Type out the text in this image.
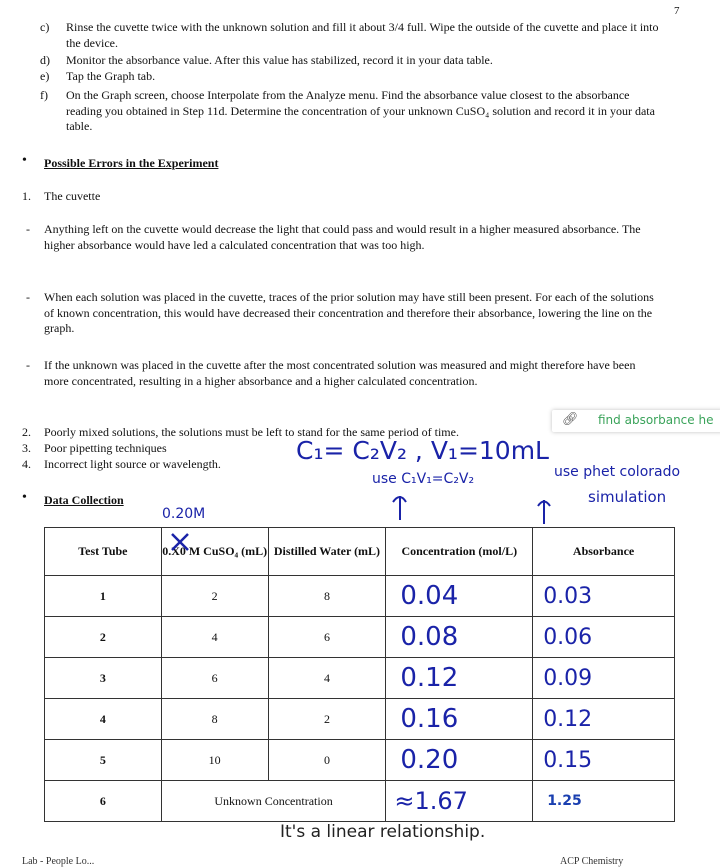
7
c) Rinse the cuvette twice with the unknown solution and fill it about 3/4 full. Wipe the outside of the cuvette and place it into the device.
d) Monitor the absorbance value. After this value has stabilized, record it in your data table.
e) Tap the Graph tab.
f) On the Graph screen, choose Interpolate from the Analyze menu. Find the absorbance value closest to the absorbance reading you obtained in Step 11d. Determine the concentration of your unknown CuSO₄ solution and record it in your data table.
• Possible Errors in the Experiment
1. The cuvette
- Anything left on the cuvette would decrease the light that could pass and would result in a higher measured absorbance. The higher absorbance would have led a calculated concentration that was too high.
- When each solution was placed in the cuvette, traces of the prior solution may have still been present. For each of the solutions of known concentration, this would have decreased their concentration and therefore their absorbance, lowering the line on the graph.
- If the unknown was placed in the cuvette after the most concentrated solution was measured and might therefore have been more concentrated, resulting in a higher absorbance and a higher calculated concentration.
2. Poorly mixed solutions, the solutions must be left to stand for the same period of time.
3. Poor pipetting techniques
4. Incorrect light source or wavelength.
🔗︎ find absorbance he
C₁= C₂V₂ , V₁=10mL
use C₁V₁=C₂V₂	use phet colorado
simulation
• Data Collection
0.20M
Test Tube	0.X0 M CuSO₄ (mL)	Distilled Water (mL)	Concentration (mol/L)	Absorbance
1	2	8	0.04	0.03
2	4	6	0.08	0.06
3	6	4	0.12	0.09
4	8	2	0.16	0.12
5	10	0	0.20	0.15
6	Unknown Concentration		≈1.67	1.25
It's a linear relationship.
Lab - People Lo...	ACP Chemistry
